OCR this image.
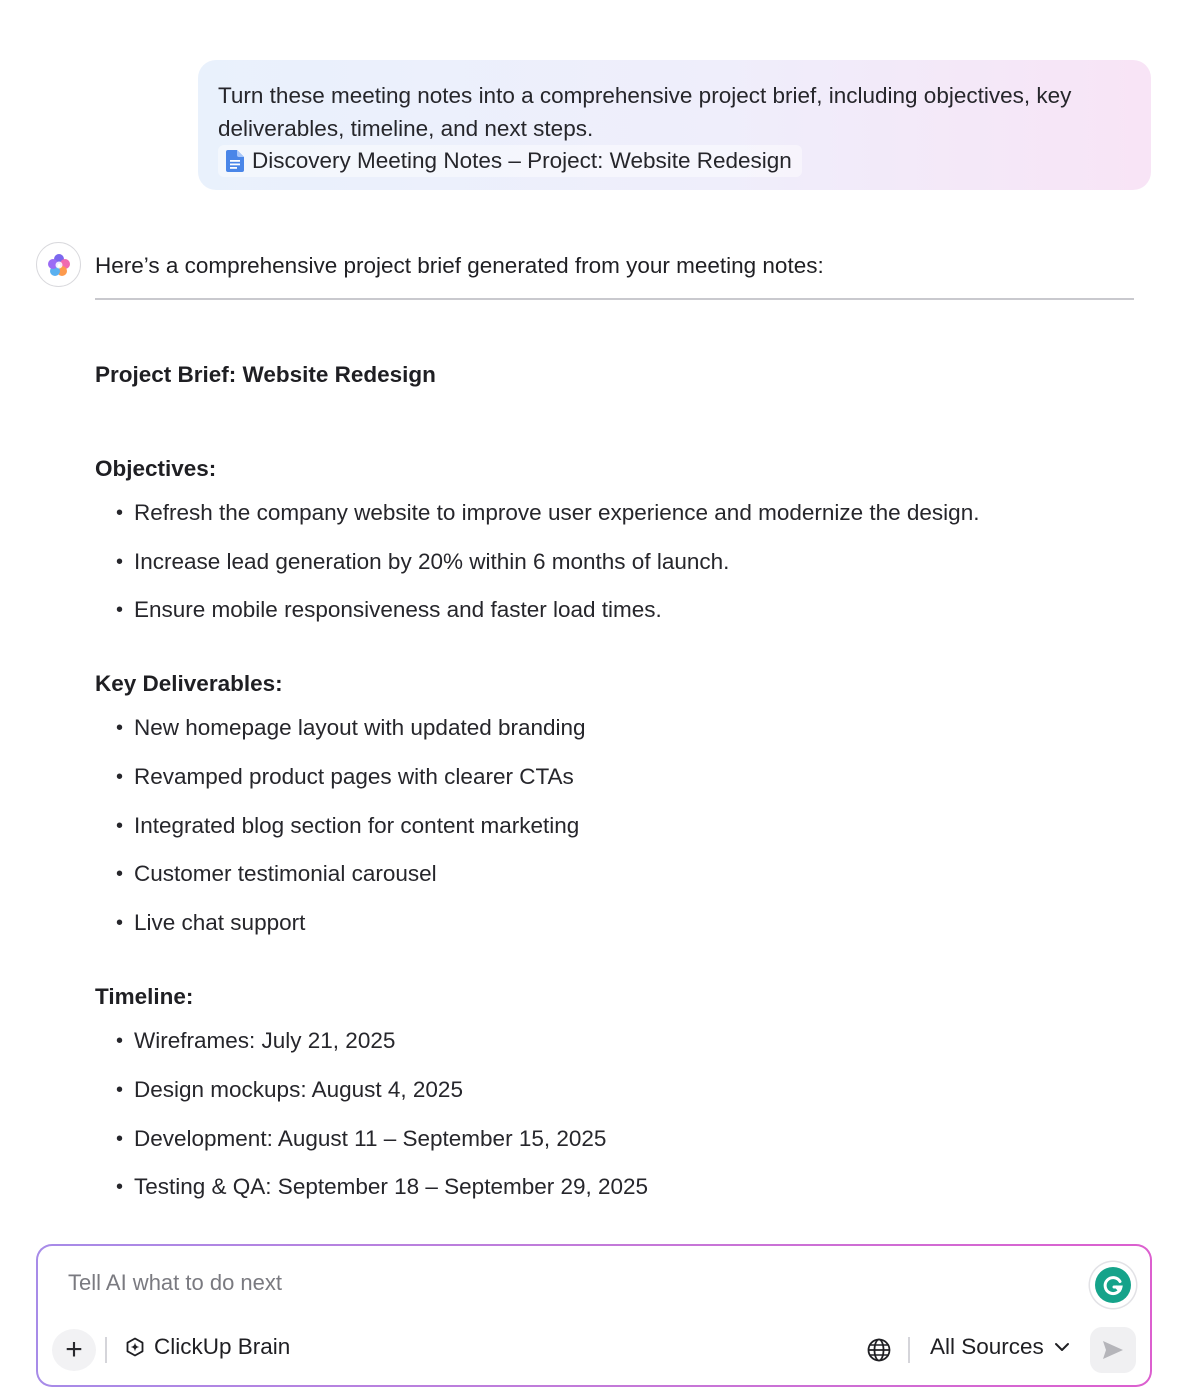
Turn these meeting notes into a comprehensive project brief, including objectives, key deliverables, timeline, and next steps.
Discovery Meeting Notes – Project: Website Redesign
Here’s a comprehensive project brief generated from your meeting notes:
Project Brief: Website Redesign
Objectives:
• Refresh the company website to improve user experience and modernize the design.
• Increase lead generation by 20% within 6 months of launch.
• Ensure mobile responsiveness and faster load times.
Key Deliverables:
• New homepage layout with updated branding
• Revamped product pages with clearer CTAs
• Integrated blog section for content marketing
• Customer testimonial carousel
• Live chat support
Timeline:
• Wireframes: July 21, 2025
• Design mockups: August 4, 2025
• Development: August 11 – September 15, 2025
• Testing & QA: September 18 – September 29, 2025
Tell AI what to do next
+	ClickUp Brain	All Sources
